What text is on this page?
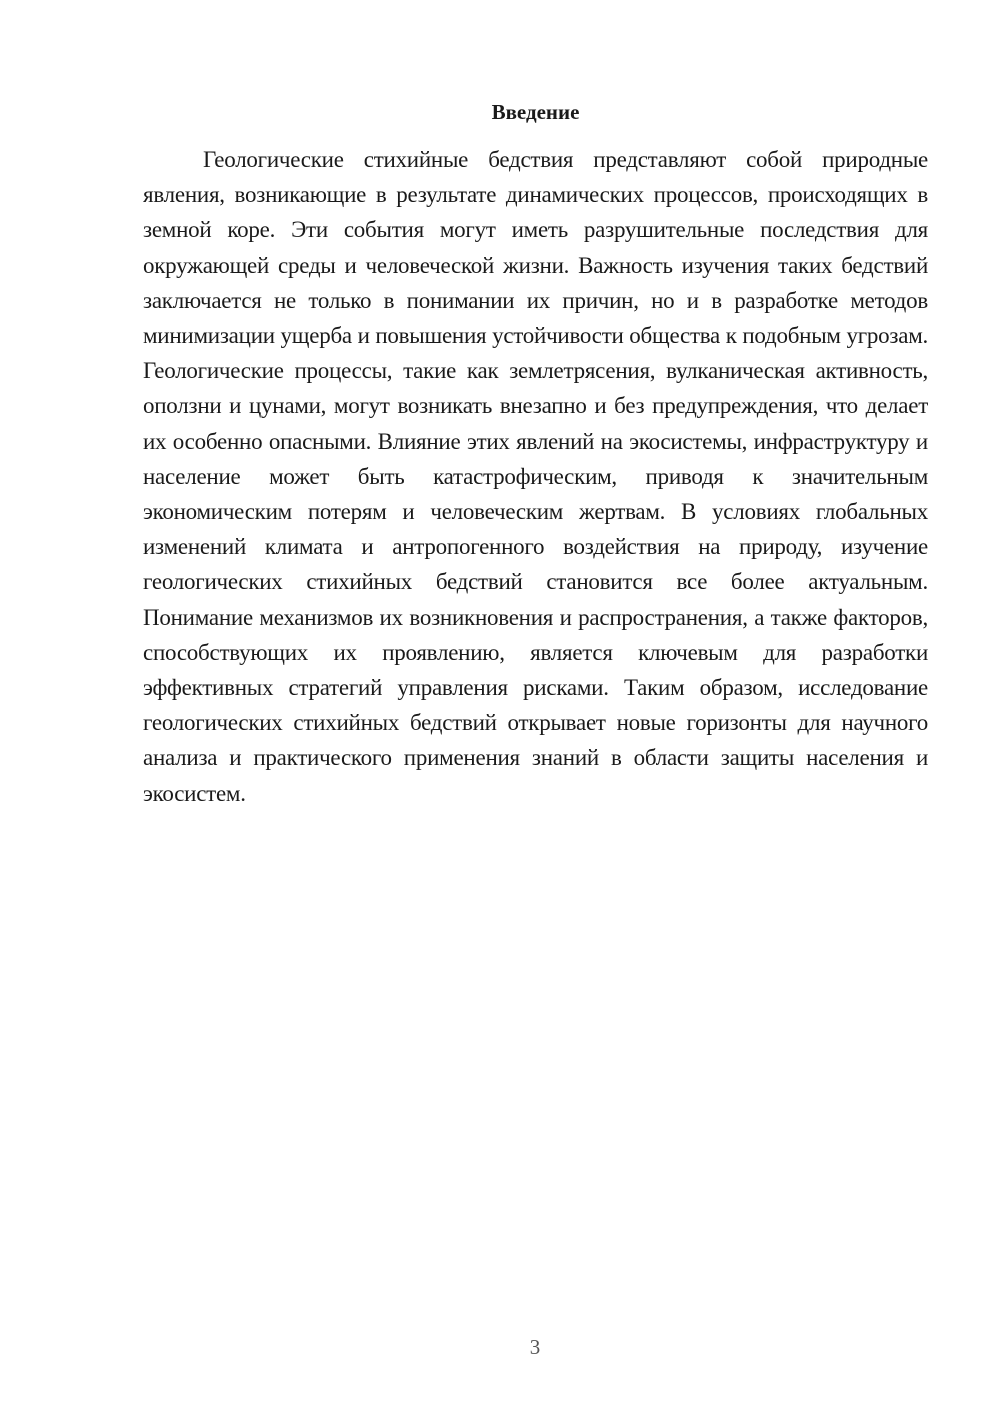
Введение

Геологические стихийные бедствия представляют собой природные явления, возникающие в результате динамических процессов, происходящих в земной коре. Эти события могут иметь разрушительные последствия для окружающей среды и человеческой жизни. Важность изучения таких бедствий заключается не только в понимании их причин, но и в разработке методов минимизации ущерба и повышения устойчивости общества к подобным угрозам. Геологические процессы, такие как землетрясения, вулканическая активность, оползни и цунами, могут возникать внезапно и без предупреждения, что делает их особенно опасными. Влияние этих явлений на экосистемы, инфраструктуру и население может быть катастрофическим, приводя к значительным экономическим потерям и человеческим жертвам. В условиях глобальных изменений климата и антропогенного воздействия на природу, изучение геологических стихийных бедствий становится все более актуальным. Понимание механизмов их возникновения и распространения, а также факторов, способствующих их проявлению, является ключевым для разработки эффективных стратегий управления рисками. Таким образом, исследование геологических стихийных бедствий открывает новые горизонты для научного анализа и практического применения знаний в области защиты населения и экосистем.

3
